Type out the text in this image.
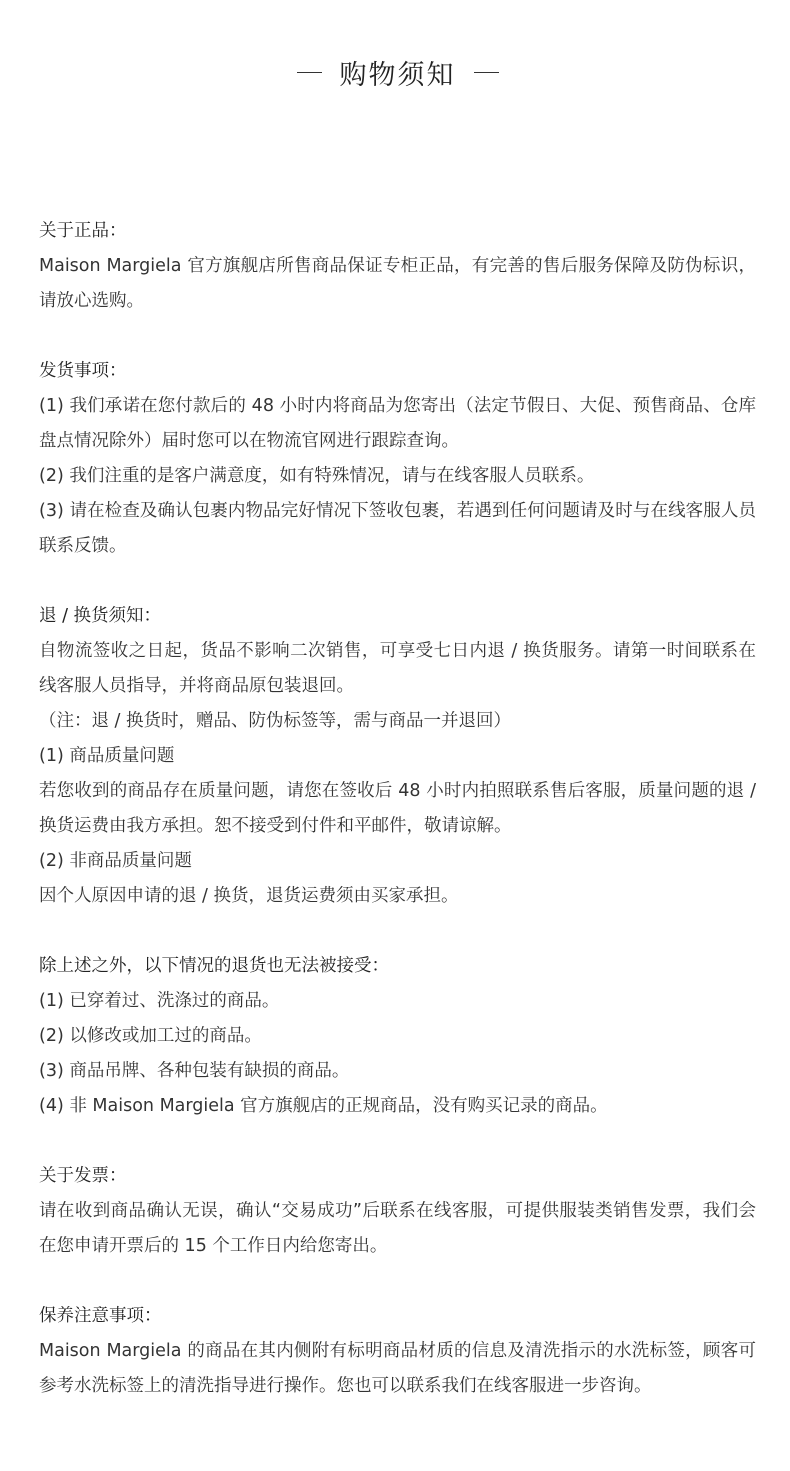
购物须知
关于正品：
Maison Margiela 官方旗舰店所售商品保证专柜正品，有完善的售后服务保障及防伪标识，请放心选购。
发货事项：
(1) 我们承诺在您付款后的 48 小时内将商品为您寄出（法定节假日、大促、预售商品、仓库盘点情况除外）届时您可以在物流官网进行跟踪查询。
(2) 我们注重的是客户满意度，如有特殊情况，请与在线客服人员联系。
(3) 请在检查及确认包裹内物品完好情况下签收包裹，若遇到任何问题请及时与在线客服人员联系反馈。
退 / 换货须知：
自物流签收之日起，货品不影响二次销售，可享受七日内退 / 换货服务。请第一时间联系在线客服人员指导，并将商品原包装退回。
（注：退 / 换货时，赠品、防伪标签等，需与商品一并退回）
(1) 商品质量问题
若您收到的商品存在质量问题，请您在签收后 48 小时内拍照联系售后客服，质量问题的退 / 换货运费由我方承担。恕不接受到付件和平邮件，敬请谅解。
(2) 非商品质量问题
因个人原因申请的退 / 换货，退货运费须由买家承担。
除上述之外，以下情况的退货也无法被接受：
(1) 已穿着过、洗涤过的商品。
(2) 以修改或加工过的商品。
(3) 商品吊牌、各种包装有缺损的商品。
(4) 非 Maison Margiela 官方旗舰店的正规商品，没有购买记录的商品。
关于发票：
请在收到商品确认无误，确认“交易成功”后联系在线客服，可提供服装类销售发票，我们会在您申请开票后的 15 个工作日内给您寄出。
保养注意事项：
Maison Margiela 的商品在其内侧附有标明商品材质的信息及清洗指示的水洗标签，顾客可参考水洗标签上的清洗指导进行操作。您也可以联系我们在线客服进一步咨询。
